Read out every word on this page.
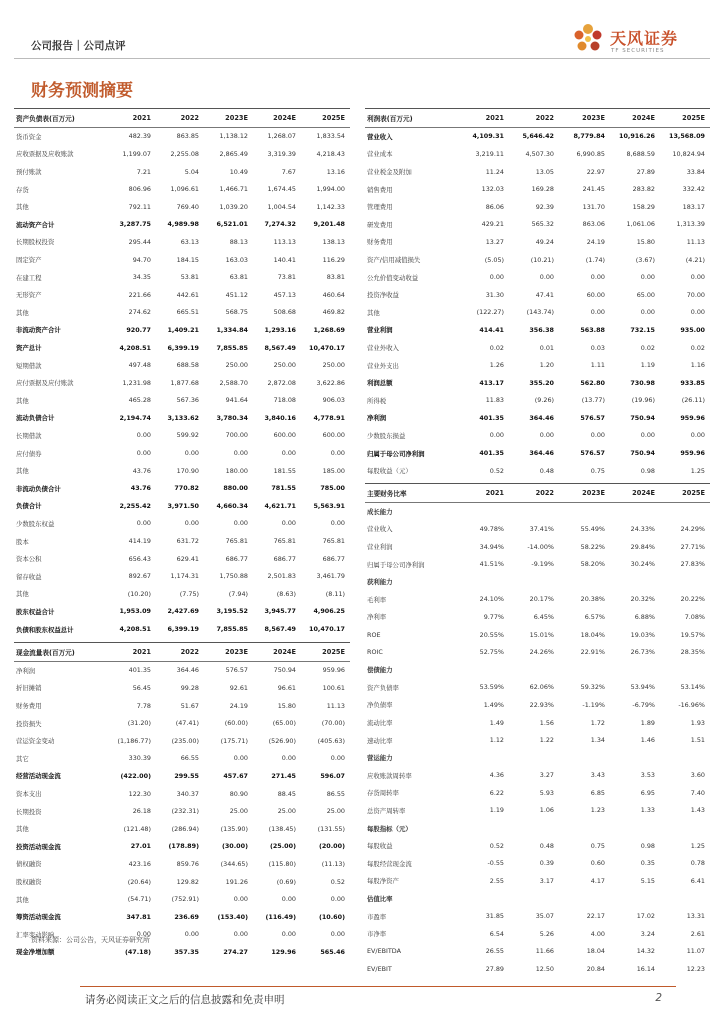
公司报告｜公司点评	天风证券
TF SECURITIES
财务预测摘要
资产负债表(百万元)	2021	2022	2023E	2024E	2025E
货币资金	482.39	863.85	1,138.12	1,268.07	1,833.54
应收票据及应收账款	1,199.07	2,255.08	2,865.49	3,319.39	4,218.43
预付账款	7.21	5.04	10.49	7.67	13.16
存货	806.96	1,096.61	1,466.71	1,674.45	1,994.00
其他	792.11	769.40	1,039.20	1,004.54	1,142.33
流动资产合计	3,287.75	4,989.98	6,521.01	7,274.32	9,201.48
长期股权投资	295.44	63.13	88.13	113.13	138.13
固定资产	94.70	184.15	163.03	140.41	116.29
在建工程	34.35	53.81	63.81	73.81	83.81
无形资产	221.66	442.61	451.12	457.13	460.64
其他	274.62	665.51	568.75	508.68	469.82
非流动资产合计	920.77	1,409.21	1,334.84	1,293.16	1,268.69
资产总计	4,208.51	6,399.19	7,855.85	8,567.49	10,470.17
短期借款	497.48	688.58	250.00	250.00	250.00
应付票据及应付账款	1,231.98	1,877.68	2,588.70	2,872.08	3,622.86
其他	465.28	567.36	941.64	718.08	906.03
流动负债合计	2,194.74	3,133.62	3,780.34	3,840.16	4,778.91
长期借款	0.00	599.92	700.00	600.00	600.00
应付债券	0.00	0.00	0.00	0.00	0.00
其他	43.76	170.90	180.00	181.55	185.00
非流动负债合计	43.76	770.82	880.00	781.55	785.00
负债合计	2,255.42	3,971.50	4,660.34	4,621.71	5,563.91
少数股东权益	0.00	0.00	0.00	0.00	0.00
股本	414.19	631.72	765.81	765.81	765.81
资本公积	656.43	629.41	686.77	686.77	686.77
留存收益	892.67	1,174.31	1,750.88	2,501.83	3,461.79
其他	(10.20)	(7.75)	(7.94)	(8.63)	(8.11)
股东权益合计	1,953.09	2,427.69	3,195.52	3,945.77	4,906.25
负债和股东权益总计	4,208.51	6,399.19	7,855.85	8,567.49	10,470.17
利润表(百万元)	2021	2022	2023E	2024E	2025E
营业收入	4,109.31	5,646.42	8,779.84	10,916.26	13,568.09
营业成本	3,219.11	4,507.30	6,990.85	8,688.59	10,824.94
营业税金及附加	11.24	13.05	22.97	27.89	33.84
销售费用	132.03	169.28	241.45	283.82	332.42
管理费用	86.06	92.39	131.70	158.29	183.17
研发费用	429.21	565.32	863.06	1,061.06	1,313.39
财务费用	13.27	49.24	24.19	15.80	11.13
资产/信用减值损失	(5.05)	(10.21)	(1.74)	(3.67)	(4.21)
公允价值变动收益	0.00	0.00	0.00	0.00	0.00
投资净收益	31.30	47.41	60.00	65.00	70.00
其他	(122.27)	(143.74)	0.00	0.00	0.00
营业利润	414.41	356.38	563.88	732.15	935.00
营业外收入	0.02	0.01	0.03	0.02	0.02
营业外支出	1.26	1.20	1.11	1.19	1.16
利润总额	413.17	355.20	562.80	730.98	933.85
所得税	11.83	(9.26)	(13.77)	(19.96)	(26.11)
净利润	401.35	364.46	576.57	750.94	959.96
少数股东损益	0.00	0.00	0.00	0.00	0.00
归属于母公司净利润	401.35	364.46	576.57	750.94	959.96
每股收益（元）	0.52	0.48	0.75	0.98	1.25
主要财务比率	2021	2022	2023E	2024E	2025E
成长能力					
营业收入	49.78%	37.41%	55.49%	24.33%	24.29%
营业利润	34.94%	-14.00%	58.22%	29.84%	27.71%
归属于母公司净利润	41.51%	-9.19%	58.20%	30.24%	27.83%
获利能力					
毛利率	24.10%	20.17%	20.38%	20.32%	20.22%
净利率	9.77%	6.45%	6.57%	6.88%	7.08%
ROE	20.55%	15.01%	18.04%	19.03%	19.57%
ROIC	52.75%	24.26%	22.91%	26.73%	28.35%
偿债能力					
资产负债率	53.59%	62.06%	59.32%	53.94%	53.14%
净负债率	1.49%	22.93%	-1.19%	-6.79%	-16.96%
流动比率	1.49	1.56	1.72	1.89	1.93
速动比率	1.12	1.22	1.34	1.46	1.51
营运能力					
应收账款周转率	4.36	3.27	3.43	3.53	3.60
存货周转率	6.22	5.93	6.85	6.95	7.40
总资产周转率	1.19	1.06	1.23	1.33	1.43
每股指标（元）					
每股收益	0.52	0.48	0.75	0.98	1.25
每股经营现金流	-0.55	0.39	0.60	0.35	0.78
每股净资产	2.55	3.17	4.17	5.15	6.41
估值比率					
市盈率	31.85	35.07	22.17	17.02	13.31
市净率	6.54	5.26	4.00	3.24	2.61
EV/EBITDA	26.55	11.66	18.04	14.32	11.07
EV/EBIT	27.89	12.50	20.84	16.14	12.23
现金流量表(百万元)	2021	2022	2023E	2024E	2025E
净利润	401.35	364.46	576.57	750.94	959.96
折旧摊销	56.45	99.28	92.61	96.61	100.61
财务费用	7.78	51.67	24.19	15.80	11.13
投资损失	(31.20)	(47.41)	(60.00)	(65.00)	(70.00)
营运资金变动	(1,186.77)	(235.00)	(175.71)	(526.90)	(405.63)
其它	330.39	66.55	0.00	0.00	0.00
经营活动现金流	(422.00)	299.55	457.67	271.45	596.07
资本支出	122.30	340.37	80.90	88.45	86.55
长期投资	26.18	(232.31)	25.00	25.00	25.00
其他	(121.48)	(286.94)	(135.90)	(138.45)	(131.55)
投资活动现金流	27.01	(178.89)	(30.00)	(25.00)	(20.00)
债权融资	423.16	859.76	(344.65)	(115.80)	(11.13)
股权融资	(20.64)	129.82	191.26	(0.69)	0.52
其他	(54.71)	(752.91)	0.00	0.00	0.00
筹资活动现金流	347.81	236.69	(153.40)	(116.49)	(10.60)
汇率变动影响	0.00	0.00	0.00	0.00	0.00
现金净增加额	(47.18)	357.35	274.27	129.96	565.46
资料来源：公司公告，天风证券研究所
请务必阅读正文之后的信息披露和免责申明	2
